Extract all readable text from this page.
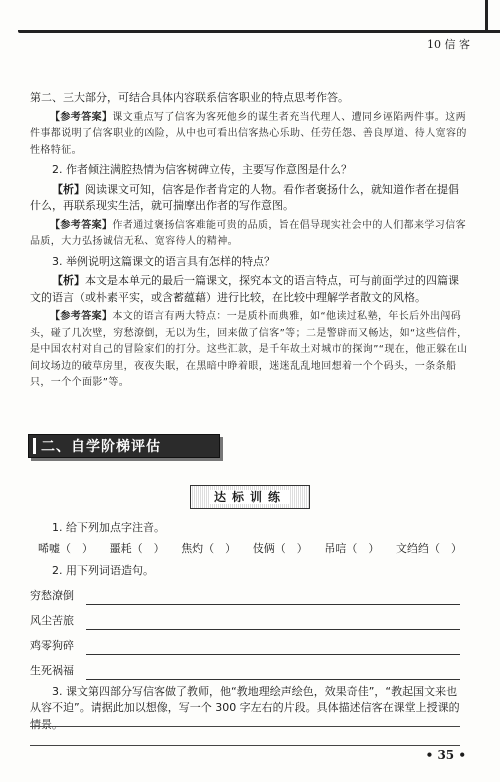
10 信 客

第二、三大部分，可结合具体内容联系信客职业的特点思考作答。

【参考答案】课文重点写了信客为客死他乡的谋生者充当代理人、遭同乡诬陷两件事。这两件事都说明了信客职业的凶险，从中也可看出信客热心乐助、任劳任怨、善良厚道、待人宽容的性格特征。

2. 作者倾注满腔热情为信客树碑立传，主要写作意图是什么？

【析】阅读课文可知，信客是作者肯定的人物。看作者褒扬什么，就知道作者在提倡什么，再联系现实生活，就可揣摩出作者的写作意图。

【参考答案】作者通过褒扬信客难能可贵的品质，旨在倡导现实社会中的人们都来学习信客品质，大力弘扬诚信无私、宽容待人的精神。

3. 举例说明这篇课文的语言具有怎样的特点？

【析】本文是本单元的最后一篇课文，探究本文的语言特点，可与前面学过的四篇课文的语言（或朴素平实，或含蓄蕴藉）进行比较，在比较中理解学者散文的风格。

【参考答案】本文的语言有两大特点：一是质朴而典雅，如“他读过私塾，年长后外出闯码头，碰了几次壁，穷愁潦倒，无以为生，回来做了信客”等；二是警辟而又畅达，如“这些信件，是中国农村对自己的冒险家们的打分。这些汇款，是千年故土对城市的探询”“现在，他正躲在山间坟场边的破草房里，夜夜失眠，在黑暗中睁着眼，迷迷乱乱地回想着一个个码头，一条条船只，一个个面影”等。

二、自学阶梯评估
达标训练

1. 给下列加点字注音。

唏嘘（　） 噩耗（　） 焦灼（　） 伎俩（　） 吊唁（　） 文绉绉（　）

2. 用下列词语造句。

穷愁潦倒
风尘苦旅
鸡零狗碎
生死祸福

3. 课文第四部分写信客做了教师，他“教地理绘声绘色，效果奇佳”，“教起国文来也从容不迫”。请据此加以想像，写一个 300 字左右的片段。具体描述信客在课堂上授课的情景。

• 35 •
